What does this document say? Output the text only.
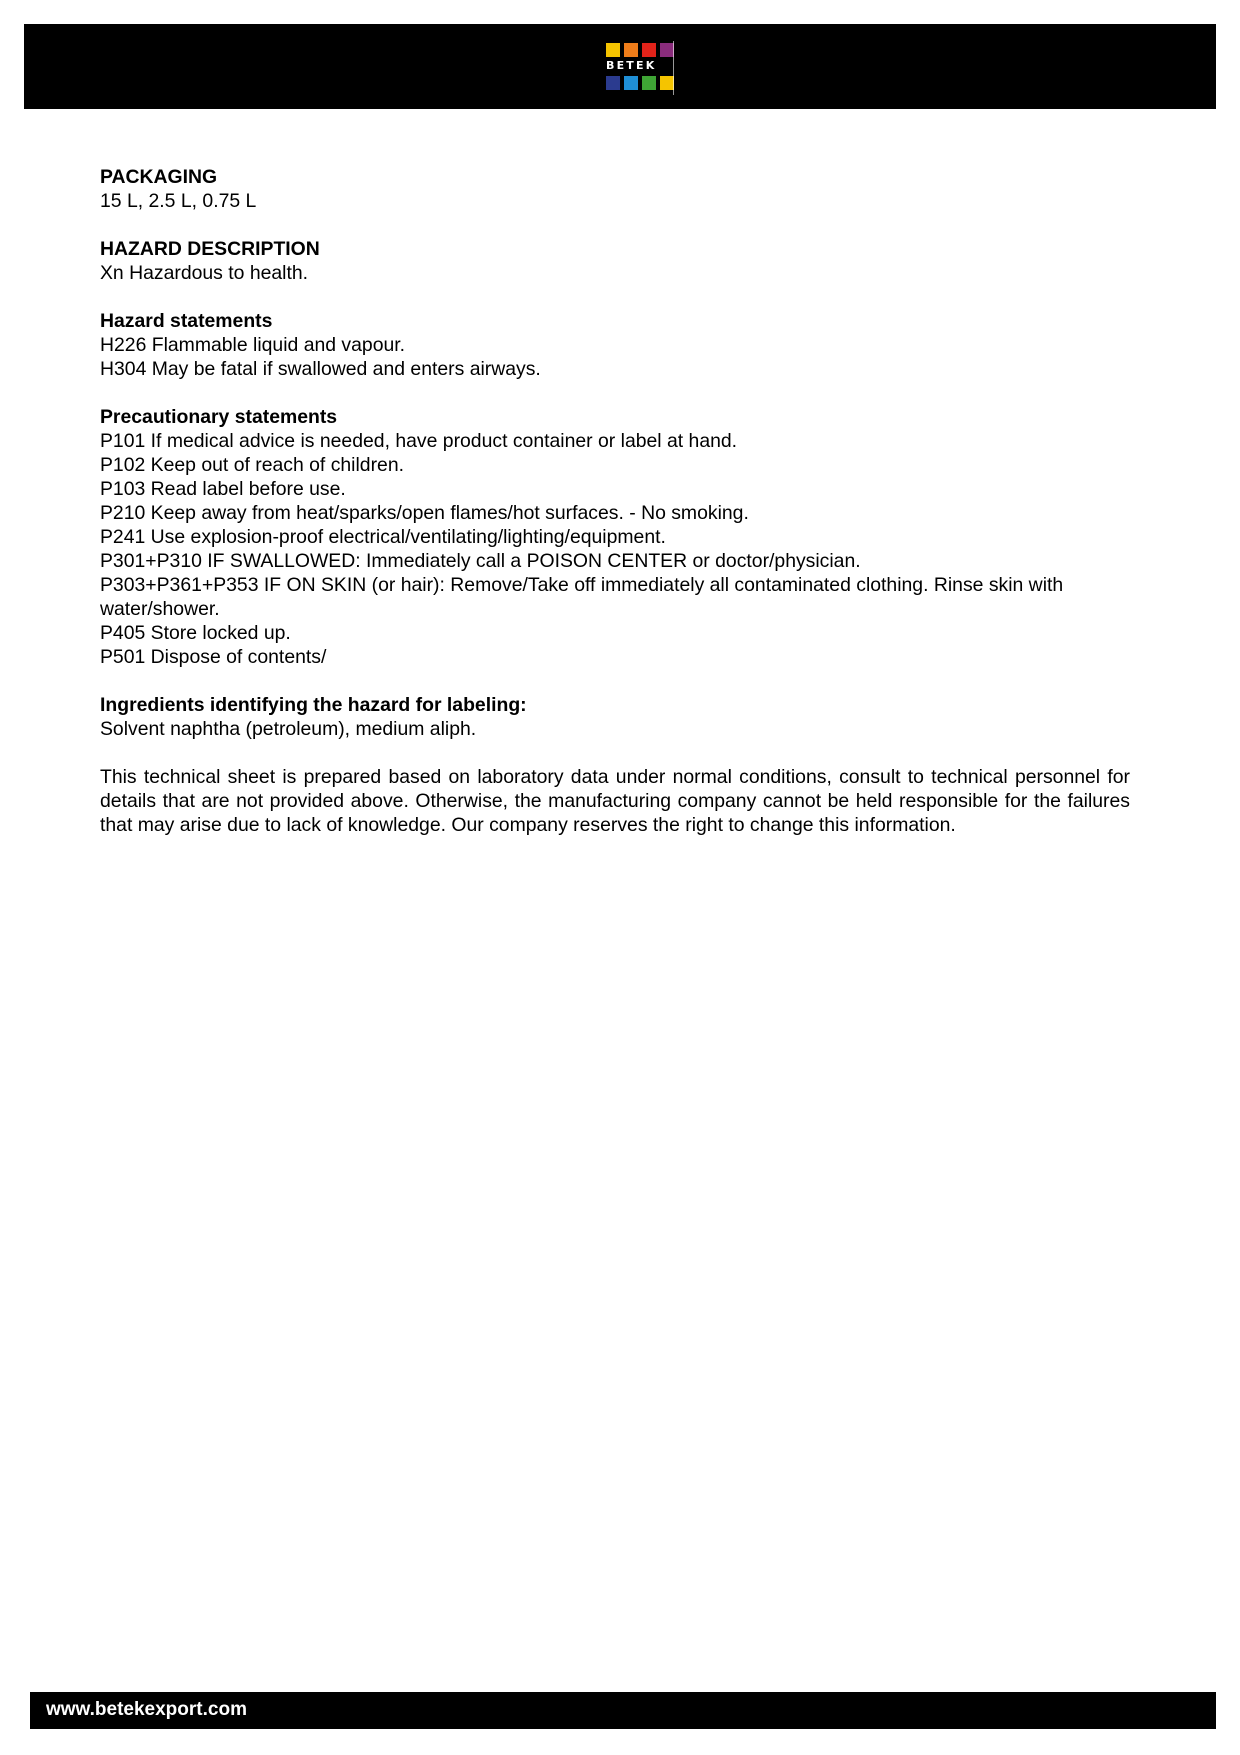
BETEK
PACKAGING
15 L, 2.5 L, 0.75 L
HAZARD DESCRIPTION
Xn Hazardous to health.
Hazard statements
H226 Flammable liquid and vapour.
H304 May be fatal if swallowed and enters airways.
Precautionary statements
P101 If medical advice is needed, have product container or label at hand.
P102 Keep out of reach of children.
P103 Read label before use.
P210 Keep away from heat/sparks/open flames/hot surfaces. - No smoking.
P241 Use explosion-proof electrical/ventilating/lighting/equipment.
P301+P310 IF SWALLOWED: Immediately call a POISON CENTER or doctor/physician.
P303+P361+P353 IF ON SKIN (or hair): Remove/Take off immediately all contaminated clothing. Rinse skin with water/shower.
P405 Store locked up.
P501 Dispose of contents/
Ingredients identifying the hazard for labeling:
Solvent naphtha (petroleum), medium aliph.
This technical sheet is prepared based on laboratory data under normal conditions, consult to technical personnel for details that are not provided above. Otherwise, the manufacturing company cannot be held responsible for the failures that may arise due to lack of knowledge. Our company reserves the right to change this information.
www.betekexport.com
